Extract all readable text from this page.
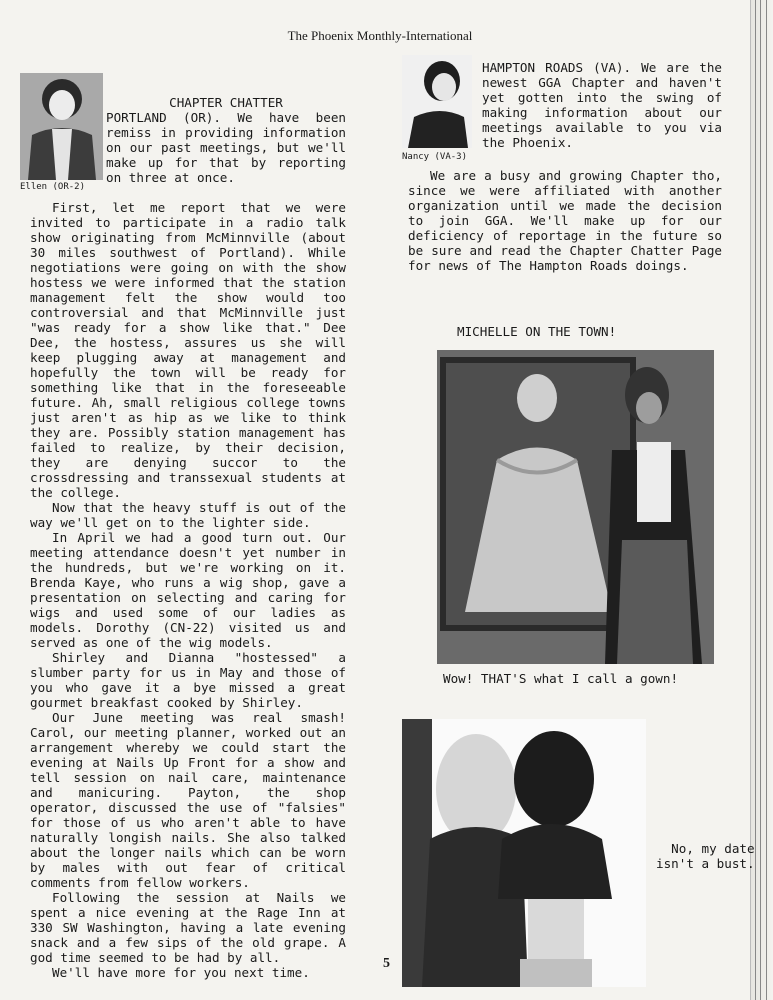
The Phoenix Monthly-International
Ellen (OR-2)
CHAPTER CHATTER

PORTLAND (OR). We have been remiss in providing information on our past meetings, but we'll make up for that by reporting on three at once.

First, let me report that we were invited to participate in a radio talk show originating from McMinnville (about 30 miles southwest of Portland). While negotiations were going on with the show hostess we were informed that the station management felt the show would too controversial and that McMinnville just "was ready for a show like that." Dee Dee, the hostess, assures us she will keep plugging away at management and hopefully the town will be ready for something like that in the foreseeable future. Ah, small religious college towns just aren't as hip as we like to think they are. Possibly station management has failed to realize, by their decision, they are denying succor to the crossdressing and transsexual students at the college.

Now that the heavy stuff is out of the way we'll get on to the lighter side.

In April we had a good turn out. Our meeting attendance doesn't yet number in the hundreds, but we're working on it. Brenda Kaye, who runs a wig shop, gave a presentation on selecting and caring for wigs and used some of our ladies as models. Dorothy (CN-22) visited us and served as one of the wig models.

Shirley and Dianna "hostessed" a slumber party for us in May and those of you who gave it a bye missed a great gourmet breakfast cooked by Shirley.

Our June meeting was real smash! Carol, our meeting planner, worked out an arrangement whereby we could start the evening at Nails Up Front for a show and tell session on nail care, maintenance and manicuring. Payton, the shop operator, discussed the use of "falsies" for those of us who aren't able to have naturally longish nails. She also talked about the longer nails which can be worn by males with out fear of critical comments from fellow workers.

Following the session at Nails we spent a nice evening at the Rage Inn at 330 SW Washington, having a late evening snack and a few sips of the old grape. A god time seemed to be had by all.

We'll have more for you next time.

Nancy (VA-3)

HAMPTON ROADS (VA). We are the newest GGA Chapter and haven't yet gotten into the swing of making information about our meetings available to you via the Phoenix.

We are a busy and growing Chapter tho, since we were affiliated with another organization until we made the decision to join GGA. We'll make up for our deficiency of reportage in the future so be sure and read the Chapter Chatter Page for news of The Hampton Roads doings.

MICHELLE ON THE TOWN!
Wow! THAT'S what I call a gown!
No, my date
isn't a bust.
5
